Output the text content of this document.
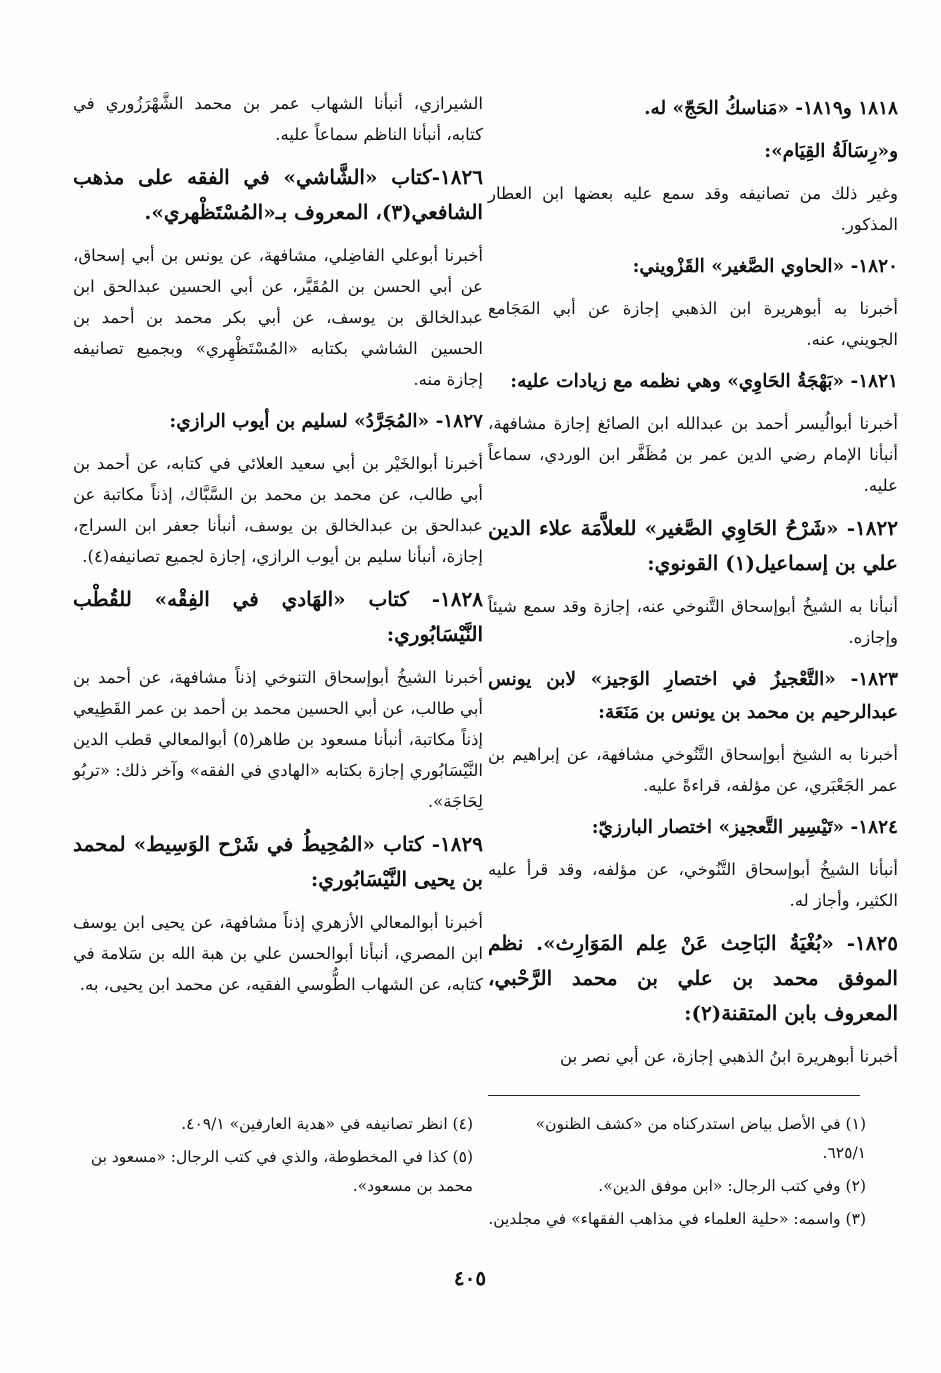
١٨١٨ و١٨١٩- «مَناسكُ الحَجّ» له.

و«رِسَالَةُ القِيَام»:

وغير ذلك من تصانيفه وقد سمع عليه بعضها ابن العطار المذكور.

١٨٢٠- «الحاوي الصَّغير» القَزْويني:

أخبرنا به أبوهريرة ابن الذهبي إجازة عن أبي المَجَامع الجويني، عنه.

١٨٢١- «بَهْجَةُ الحَاوِي» وهي نظمه مع زيادات عليه:

أخبرنا أبوالُيسر أحمد بن عبدالله ابن الصائغ إجازة مشافهة، أنبأنا الإمام رضي الدين عمر بن مُظَفَّر ابن الوردي، سماعاً عليه.

١٨٢٢- «شَرْحُ الحَاوِي الصَّغير» للعلاَّمَة علاء الدين علي بن إسماعيل(١) القونوي:

أنبأنا به الشيخُ أبوإسحاق التَّنوخي عنه، إجازة وقد سمع شيئاً وإجازه.

١٨٢٣- «التَّعْجيزُ في اختصارِ الوَجيز» لابن يونس عبدالرحيم بن محمد بن يونس بن مَنَعَة:

أخبرنا به الشيخ أبوإسحاق التَّنُوخي مشافهة، عن إبراهيم بن عمر الجَعْبَري، عن مؤلفه، قراءةً عليه.

١٨٢٤- «تَيْسِير التَّعجيز» اختصار البارزيّ:

أنبأنا الشيخُ أبوإسحاق التَّنُوخي، عن مؤلفه، وقد قرأ عليه الكثير، وأجاز له.

١٨٢٥- «بُغْيَةُ البَاحِث عَنْ عِلم المَوَارِث». نظم الموفق محمد بن علي بن محمد الرَّحْبي، المعروف بابن المتقنة(٢):

أخبرنا أبوهريرة ابنُ الذهبي إجازة، عن أبي نصر بن

الشيرازي، أنبأنا الشهاب عمر بن محمد الشَّهْرَزُوري في كتابه، أنبأنا الناظم سماعاً عليه.

١٨٢٦-كتاب «الشَّاشي» في الفقه على مذهب الشافعي(٣)، المعروف بـ«المُسْتَظْهري».

أخبرنا أبوعلي الفاضِلي، مشافهة، عن يونس بن أبي إسحاق، عن أبي الحسن بن المُقَيَّر، عن أبي الحسين عبدالحق ابن عبدالخالق بن يوسف، عن أبي بكر محمد بن أحمد بن الحسين الشاشي بكتابه «المُسْتَظْهِري» وبجميع تصانيفه إجازة منه.

١٨٢٧- «المُجَرَّدُ» لسليم بن أيوب الرازي:

أخبرنا أبوالخَيْر بن أبي سعيد العلائي في كتابه، عن أحمد بن أبي طالب، عن محمد بن محمد بن السَّبَّاك، إذناً مكاتبة عن عبدالحق بن عبدالخالق بن يوسف، أنبأنا جعفر ابن السراج، إجازة، أنبأنا سليم بن أيوب الرازي، إجازة لجميع تصانيفه(٤).

١٨٢٨- كتاب «الهَادي في الفِقْه» للقُطْب النَّيْسَابُوري:

أخبرنا الشيخُ أبوإسحاق التنوخي إذناً مشافهة، عن أحمد بن أبي طالب، عن أبي الحسين محمد بن أحمد بن عمر القَطِيعي إذناً مكاتبة، أنبأنا مسعود بن طاهر(٥) أبوالمعالي قطب الدين النَّيْسَابُوري إجازة بكتابه «الهادي في الفقه» وآخر ذلك: «تربُو لِحَاجَة».

١٨٢٩- كتاب «المُحِيطُ في شَرْح الوَسِيط» لمحمد بن يحيى النَّيْسَابُوري:

أخبرنا أبوالمعالي الأزهري إذناً مشافهة، عن يحيى ابن يوسف ابن المصري، أنبأنا أبوالحسن علي بن هبة الله بن سَلامة في كتابه، عن الشهاب الطُّوسي الفقيه، عن محمد ابن يحيى، به.

(١) في الأصل بياض استدركناه من «كشف الظنون» ٦٢٥/١.

(٢) وفي كتب الرجال: «ابن موفق الدين».

(٣) واسمه: «حلية العلماء في مذاهب الفقهاء» في مجلدين.

(٤) انظر تصانيفه في «هدية العارفين» ٤٠٩/١.

(٥) كذا في المخطوطة، والذي في كتب الرجال: «مسعود بن محمد بن مسعود».

٤٠٥
